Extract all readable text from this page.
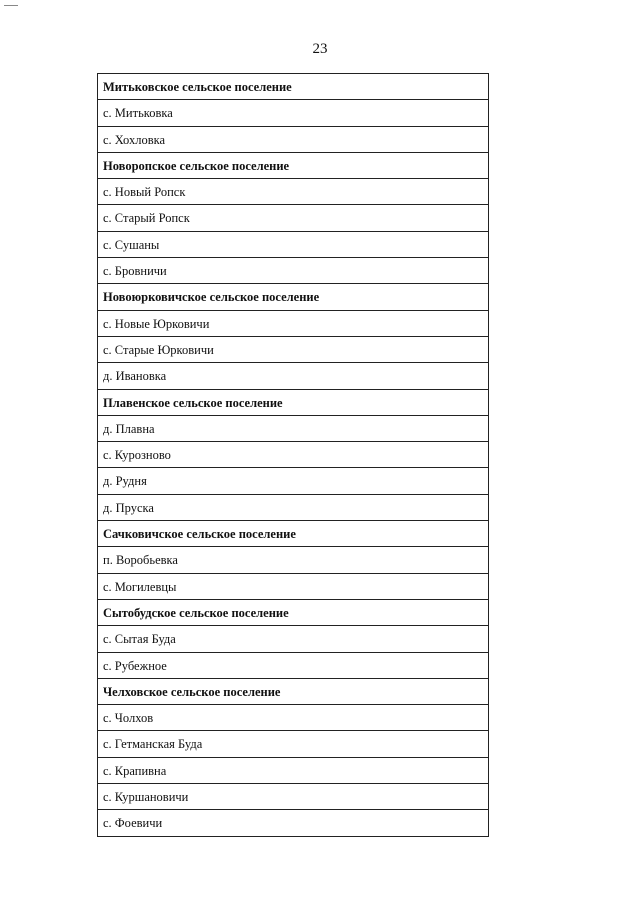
23
Митьковское сельское поселение
с. Митьковка
с. Хохловка
Новоропское сельское поселение
с. Новый Ропск
с. Старый Ропск
с. Сушаны
с. Бровничи
Новоюрковичское сельское поселение
с. Новые Юрковичи
с. Старые Юрковичи
д. Ивановка
Плавенское сельское поселение
д. Плавна
с. Курозново
д. Рудня
д. Пруска
Сачковичское сельское поселение
п. Воробьевка
с. Могилевцы
Сытобудское сельское поселение
с. Сытая Буда
с. Рубежное
Челховское сельское поселение
с. Чолхов
с. Гетманская Буда
с. Крапивна
с. Куршановичи
с. Фоевичи
